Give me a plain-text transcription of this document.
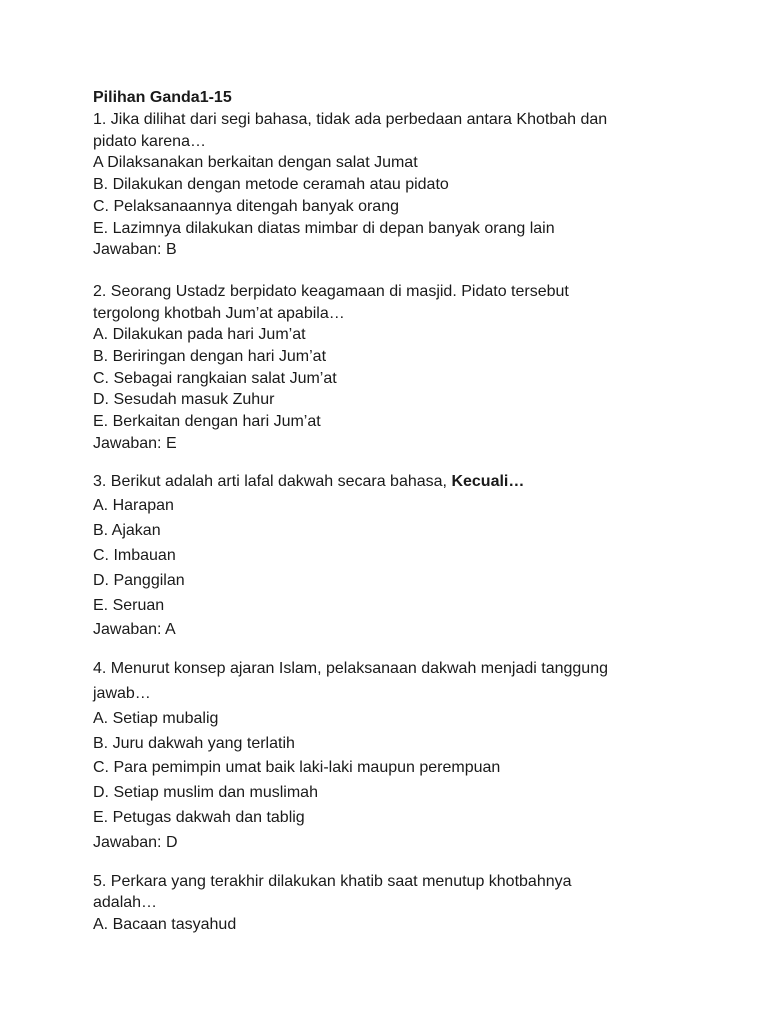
Pilihan Ganda1-15
1. Jika dilihat dari segi bahasa, tidak ada perbedaan antara Khotbah dan
pidato karena…
A Dilaksanakan berkaitan dengan salat Jumat
B. Dilakukan dengan metode ceramah atau pidato
C. Pelaksanaannya ditengah banyak orang
E. Lazimnya dilakukan diatas mimbar di depan banyak orang lain
Jawaban: B
2. Seorang Ustadz berpidato keagamaan di masjid. Pidato tersebut
tergolong khotbah Jum’at apabila…
A. Dilakukan pada hari Jum’at
B. Beriringan dengan hari Jum’at
C. Sebagai rangkaian salat Jum’at
D. Sesudah masuk Zuhur
E. Berkaitan dengan hari Jum’at
Jawaban: E
3. Berikut adalah arti lafal dakwah secara bahasa, Kecuali…
A. Harapan
B. Ajakan
C. Imbauan
D. Panggilan
E. Seruan
Jawaban: A
4. Menurut konsep ajaran Islam, pelaksanaan dakwah menjadi tanggung
jawab…
A. Setiap mubalig
B. Juru dakwah yang terlatih
C. Para pemimpin umat baik laki-laki maupun perempuan
D. Setiap muslim dan muslimah
E. Petugas dakwah dan tablig
Jawaban: D
5. Perkara yang terakhir dilakukan khatib saat menutup khotbahnya
adalah…
A. Bacaan tasyahud
